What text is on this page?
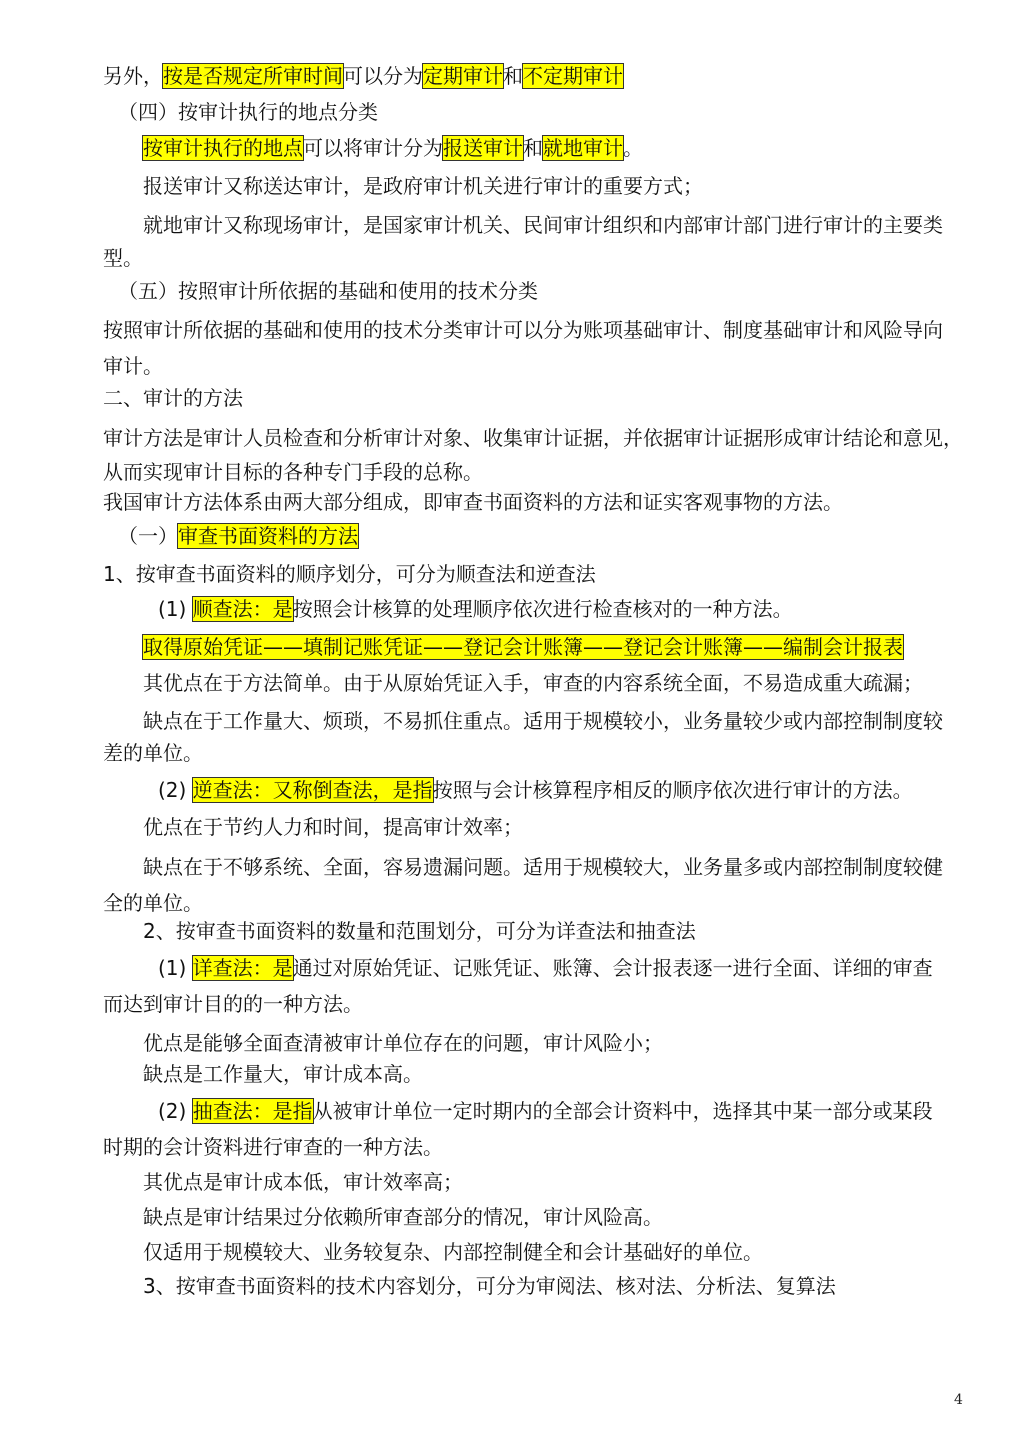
另外，按是否规定所审时间可以分为定期审计和不定期审计
（四）按审计执行的地点分类
按审计执行的地点可以将审计分为报送审计和就地审计。
报送审计又称送达审计，是政府审计机关进行审计的重要方式；
就地审计又称现场审计，是国家审计机关、民间审计组织和内部审计部门进行审计的主要类
型。
（五）按照审计所依据的基础和使用的技术分类
按照审计所依据的基础和使用的技术分类审计可以分为账项基础审计、制度基础审计和风险导向
审计。
二、审计的方法
审计方法是审计人员检查和分析审计对象、收集审计证据，并依据审计证据形成审计结论和意见，
从而实现审计目标的各种专门手段的总称。
我国审计方法体系由两大部分组成，即审查书面资料的方法和证实客观事物的方法。
（一）审查书面资料的方法
1、按审查书面资料的顺序划分，可分为顺查法和逆查法
(1) 顺查法：是按照会计核算的处理顺序依次进行检查核对的一种方法。
取得原始凭证——填制记账凭证——登记会计账簿——登记会计账簿——编制会计报表
其优点在于方法简单。由于从原始凭证入手，审查的内容系统全面，不易造成重大疏漏；
缺点在于工作量大、烦琐，不易抓住重点。适用于规模较小，业务量较少或内部控制制度较
差的单位。
(2) 逆查法：又称倒查法，是指按照与会计核算程序相反的顺序依次进行审计的方法。
优点在于节约人力和时间，提高审计效率；
缺点在于不够系统、全面，容易遗漏问题。适用于规模较大，业务量多或内部控制制度较健
全的单位。
2、按审查书面资料的数量和范围划分，可分为详查法和抽查法
(1) 详查法：是通过对原始凭证、记账凭证、账簿、会计报表逐一进行全面、详细的审查
而达到审计目的的一种方法。
优点是能够全面查清被审计单位存在的问题，审计风险小；
缺点是工作量大，审计成本高。
(2) 抽查法：是指从被审计单位一定时期内的全部会计资料中，选择其中某一部分或某段
时期的会计资料进行审查的一种方法。
其优点是审计成本低，审计效率高；
缺点是审计结果过分依赖所审查部分的情况，审计风险高。
仅适用于规模较大、业务较复杂、内部控制健全和会计基础好的单位。
3、按审查书面资料的技术内容划分，可分为审阅法、核对法、分析法、复算法
4
